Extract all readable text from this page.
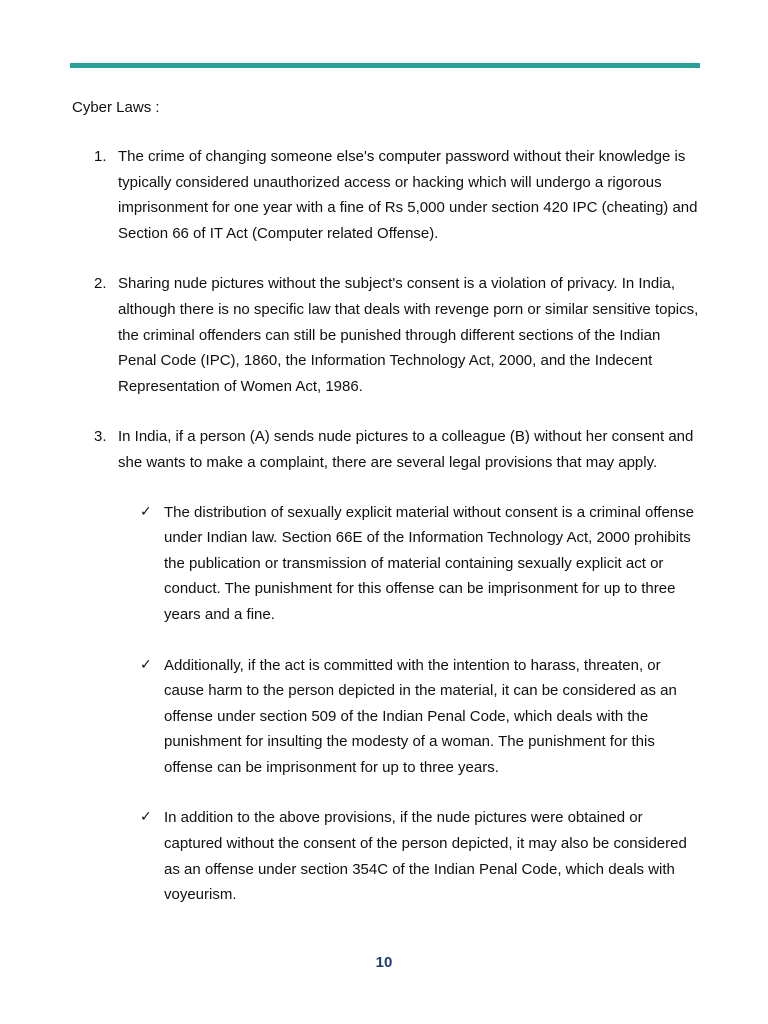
Cyber Laws :
1. The crime of changing someone else's computer password without their knowledge is typically considered unauthorized access or hacking which will undergo a rigorous imprisonment for one year with a fine of Rs 5,000 under section 420 IPC (cheating) and Section 66 of IT Act (Computer related Offense).
2. Sharing nude pictures without the subject's consent is a violation of privacy. In India, although there is no specific law that deals with revenge porn or similar sensitive topics, the criminal offenders can still be punished through different sections of the Indian Penal Code (IPC), 1860, the Information Technology Act, 2000, and the Indecent Representation of Women Act, 1986.
3. In India, if a person (A) sends nude pictures to a colleague (B) without her consent and she wants to make a complaint, there are several legal provisions that may apply.
✓ The distribution of sexually explicit material without consent is a criminal offense under Indian law. Section 66E of the Information Technology Act, 2000 prohibits the publication or transmission of material containing sexually explicit act or conduct. The punishment for this offense can be imprisonment for up to three years and a fine.
✓ Additionally, if the act is committed with the intention to harass, threaten, or cause harm to the person depicted in the material, it can be considered as an offense under section 509 of the Indian Penal Code, which deals with the punishment for insulting the modesty of a woman. The punishment for this offense can be imprisonment for up to three years.
✓ In addition to the above provisions, if the nude pictures were obtained or captured without the consent of the person depicted, it may also be considered as an offense under section 354C of the Indian Penal Code, which deals with voyeurism.
10
